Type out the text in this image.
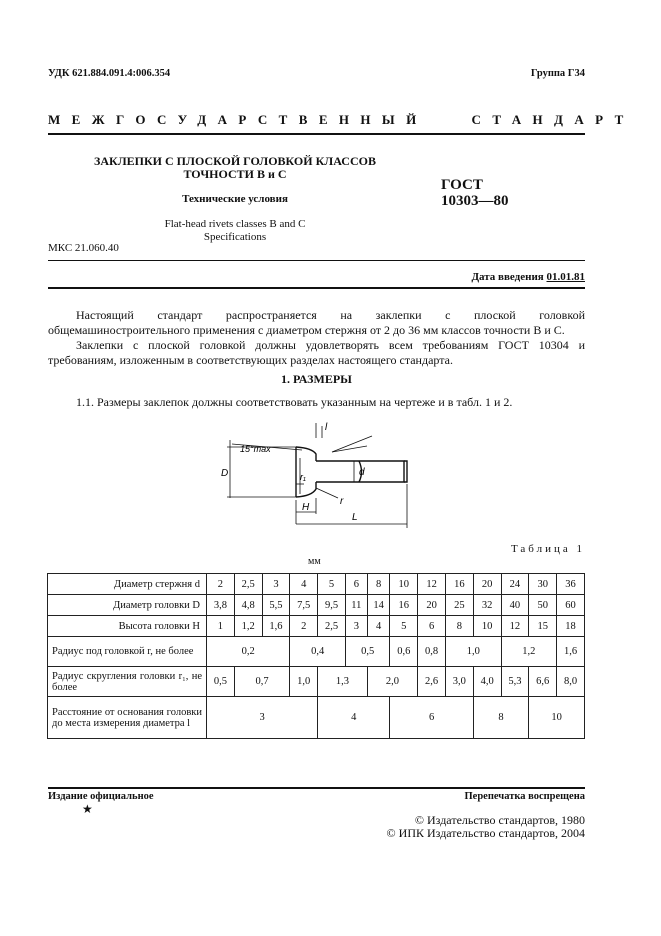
УДК 621.884.091.4:006.354	Группа Г34
МЕЖГОСУДАРСТВЕННЫЙ   СТАНДАРТ
ЗАКЛЕПКИ С ПЛОСКОЙ ГОЛОВКОЙ КЛАССОВ
ТОЧНОСТИ В и С
Технические условия
Flat-head rivets classes B and C
Specifications
ГОСТ
10303—80
МКС 21.060.40
Дата введения 01.01.81
Настоящий стандарт распространяется на заклепки с плоской головкой общемашиностроительного применения с диаметром стержня от 2 до 36 мм классов точности В и С.
Заклепки с плоской головкой должны удовлетворять всем требованиям ГОСТ 10304 и требованиям, изложенным в соответствующих разделах настоящего стандарта.
1. РАЗМЕРЫ
1.1. Размеры заклепок должны соответствовать указанным на чертеже и в табл. 1 и 2.
15°max
D	d
l
H
L
r
r₁
Таблица 1
мм
Диаметр стержня d	2	2,5	3	4	5	6	8	10	12	16	20	24	30	36
Диаметр головки D	3,8	4,8	5,5	7,5	9,5	11	14	16	20	25	32	40	50	60
Высота головки H	1	1,2	1,6	2	2,5	3	4	5	6	8	10	12	15	18
Радиус под головкой r, не более	0,2			0,4		0,5		0,6	0,8	1,0		1,2		1,6
Радиус скругления головки r₁, не более	0,5	0,7		1,0	1,3		2,0		2,6	3,0	4,0	5,3	6,6	8,0
Расстояние от основания головки до места измерения диаметра l	3				4			6			8		10	
Издание официальное
★
Перепечатка воспрещена
© Издательство стандартов, 1980
© ИПК Издательство стандартов, 2004
